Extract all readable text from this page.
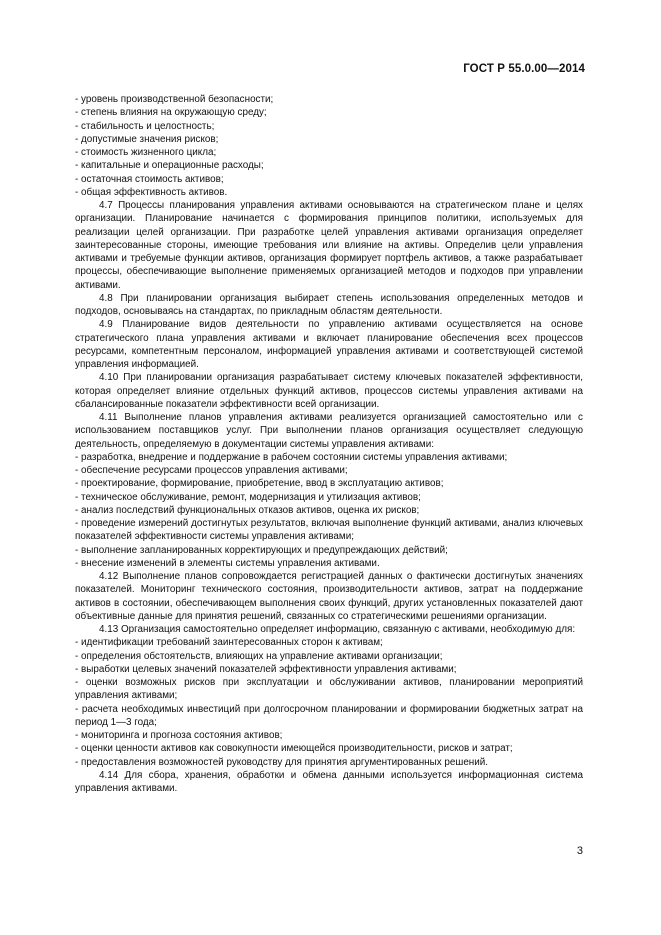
ГОСТ Р 55.0.00—2014

- уровень производственной безопасности;

- степень влияния на окружающую среду;

- стабильность и целостность;

- допустимые значения рисков;

- стоимость жизненного цикла;

- капитальные и операционные расходы;

- остаточная стоимость активов;

- общая эффективность активов.

4.7 Процессы планирования управления активами основываются на стратегическом плане и целях организации. Планирование начинается с формирования принципов политики, используемых для реализации целей организации. При разработке целей управления активами организация определяет заинтересованные стороны, имеющие требования или влияние на активы. Определив цели управления активами и требуемые функции активов, организация формирует портфель активов, а также разрабатывает процессы, обеспечивающие выполнение применяемых организацией методов и подходов при управлении активами.

4.8 При планировании организация выбирает степень использования определенных методов и подходов, основываясь на стандартах, по прикладным областям деятельности.

4.9 Планирование видов деятельности по управлению активами осуществляется на основе стратегического плана управления активами и включает планирование обеспечения всех процессов ресурсами, компетентным персоналом, информацией управления активами и соответствующей системой управления информацией.

4.10 При планировании организация разрабатывает систему ключевых показателей эффективности, которая определяет влияние отдельных функций активов, процессов системы управления активами на сбалансированные показатели эффективности всей организации.

4.11 Выполнение планов управления активами реализуется организацией самостоятельно или с использованием поставщиков услуг. При выполнении планов организация осуществляет следующую деятельность, определяемую в документации системы управления активами:

- разработка, внедрение и поддержание в рабочем состоянии системы управления активами;

- обеспечение ресурсами процессов управления активами;

- проектирование, формирование, приобретение, ввод в эксплуатацию активов;

- техническое обслуживание, ремонт, модернизация и утилизация активов;

- анализ последствий функциональных отказов активов, оценка их рисков;

- проведение измерений достигнутых результатов, включая выполнение функций активами, анализ ключевых показателей эффективности системы управления активами;

- выполнение запланированных корректирующих и предупреждающих действий;

- внесение изменений в элементы системы управления активами.

4.12 Выполнение планов сопровождается регистрацией данных о фактически достигнутых значениях показателей. Мониторинг технического состояния, производительности активов, затрат на поддержание активов в состоянии, обеспечивающем выполнения своих функций, других установленных показателей дают объективные данные для принятия решений, связанных со стратегическими решениями организации.

4.13 Организация самостоятельно определяет информацию, связанную с активами, необходимую для:

- идентификации требований заинтересованных сторон к активам;

- определения обстоятельств, влияющих на управление активами организации;

- выработки целевых значений показателей эффективности управления активами;

- оценки возможных рисков при эксплуатации и обслуживании активов, планировании мероприятий управления активами;

- расчета необходимых инвестиций при долгосрочном планировании и формировании бюджетных затрат на период 1—3 года;

- мониторинга и прогноза состояния активов;

- оценки ценности активов как совокупности имеющейся производительности, рисков и затрат;

- предоставления возможностей руководству для принятия аргументированных решений.

4.14 Для сбора, хранения, обработки и обмена данными используется информационная система управления активами.

3
